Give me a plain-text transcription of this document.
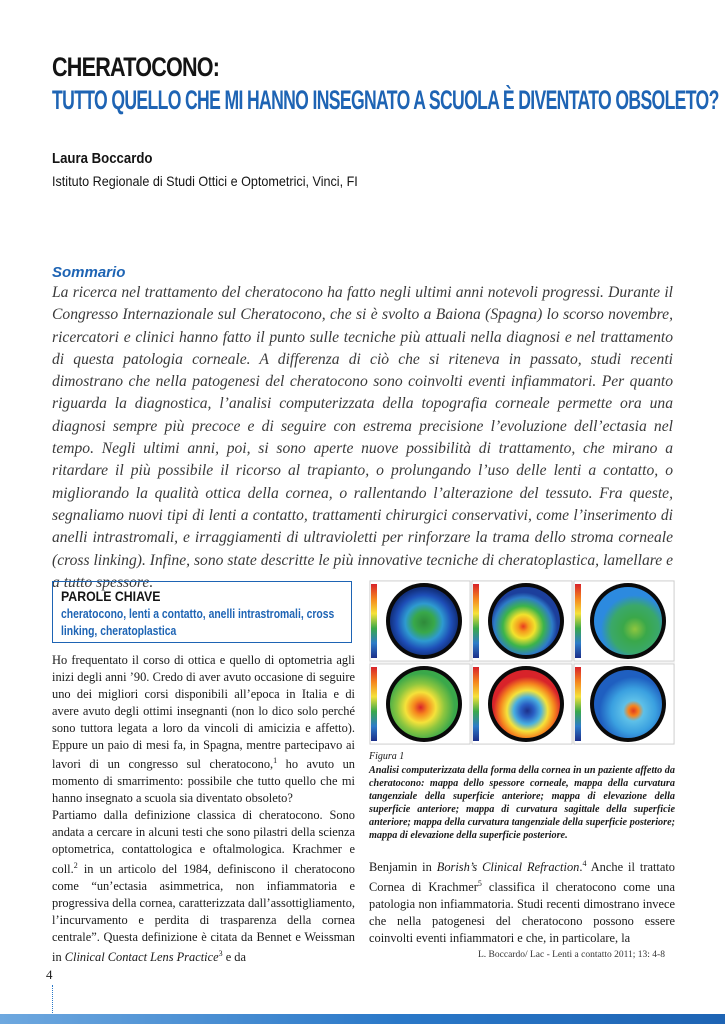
CHERATOCONO:
TUTTO QUELLO CHE MI HANNO INSEGNATO A SCUOLA È DIVENTATO OBSOLETO?
Laura Boccardo
Istituto Regionale di Studi Ottici e Optometrici, Vinci, FI
Sommario

La ricerca nel trattamento del cheratocono ha fatto negli ultimi anni notevoli progressi. Durante il Congresso Internazionale sul Cheratocono, che si è svolto a Baiona (Spagna) lo scorso novembre, ricercatori e clinici hanno fatto il punto sulle tecniche più attuali nella diagnosi e nel trattamento di questa patologia corneale. A differenza di ciò che si riteneva in passato, studi recenti dimostrano che nella patogenesi del cheratocono sono coinvolti eventi infiammatori. Per quanto riguarda la diagnostica, l’analisi computerizzata della topografia corneale permette ora una diagnosi sempre più precoce e di seguire con estrema precisione l’evoluzione dell’ectasia nel tempo. Negli ultimi anni, poi, si sono aperte nuove possibilità di trattamento, che mirano a ritardare il più possibile il ricorso al trapianto, o prolungando l’uso delle lenti a contatto, o migliorando la qualità ottica della cornea, o rallentando l’alterazione del tessuto. Fra queste, segnaliamo nuovi tipi di lenti a contatto, trattamenti chirurgici conservativi, come l’inserimento di anelli intrastromali, e irraggiamenti di ultravioletti per rinforzare la trama dello stroma corneale (cross linking). Infine, sono state descritte le più innovative tecniche di cheratoplastica, lamellare e a tutto spessore.

PAROLE CHIAVE
cheratocono, lenti a contatto, anelli intrastromali, cross linking, cheratoplastica

Ho frequentato il corso di ottica e quello di optometria agli inizi degli anni ’90. Credo di aver avuto occasione di seguire uno dei migliori corsi disponibili all’epoca in Italia e di avere avuto degli ottimi insegnanti (non lo dico solo perché sono tuttora legata a loro da vincoli di amicizia e affetto). Eppure un paio di mesi fa, in Spagna, mentre partecipavo ai lavori di un congresso sul cheratocono,$^1$ ho avuto un momento di smarrimento: possibile che tutto quello che mi hanno insegnato a scuola sia diventato obsoleto?

Partiamo dalla definizione classica di cheratocono. Sono andata a cercare in alcuni testi che sono pilastri della scienza optometrica, contattologica e oftalmologica. Krachmer e coll.$^2$ in un articolo del 1984, definiscono il cheratocono come “un’ectasia asimmetrica, non infiammatoria e progressiva della cornea, caratterizzata dall’assottigliamento, l’incurvamento e perdita di trasparenza della cornea centrale”. Questa definizione è citata da Bennet e Weissman in Clinical Contact Lens Practice$^3$ e da

Figura 1
Analisi computerizzata della forma della cornea in un paziente affetto da cheratocono: mappa dello spessore corneale, mappa della curvatura tangenziale della superficie anteriore; mappa di elevazione della superficie anteriore; mappa di curvatura sagittale della superficie anteriore; mappa della curvatura tangenziale della superficie posteriore; mappa di elevazione della superficie posteriore.

Benjamin in Borish’s Clinical Refraction.$^4$ Anche il trattato Cornea di Krachmer$^5$ classifica il cheratocono come una patologia non infiammatoria. Studi recenti dimostrano invece che nella patogenesi del cheratocono possono essere coinvolti eventi infiammatori e che, in particolare, la

L. Boccardo/ Lac - Lenti a contatto 2011; 13: 4-8
4
